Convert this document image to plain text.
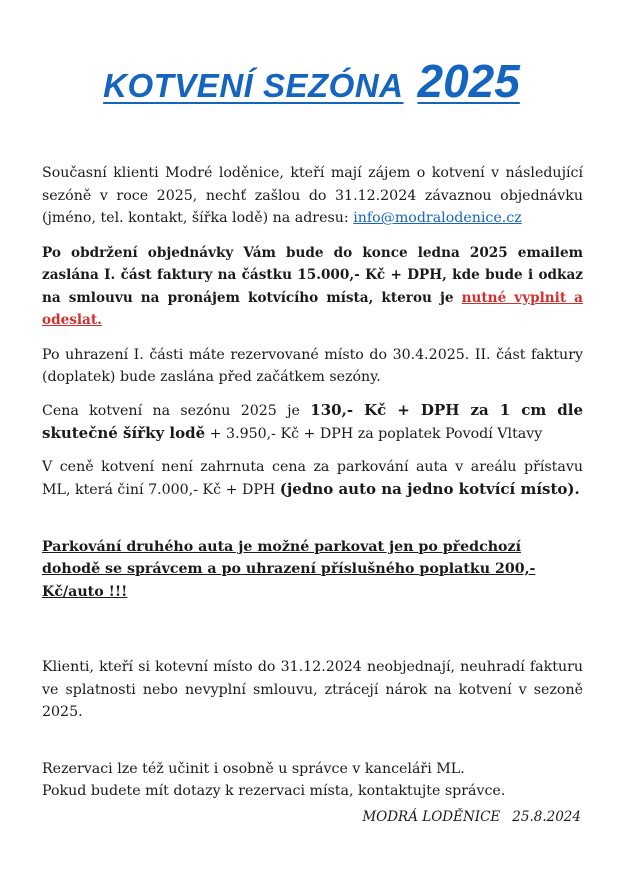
KOTVENÍ SEZÓNA 2025

Současní klienti Modré loděnice, kteří mají zájem o kotvení v následující sezóně v roce 2025, nechť zašlou do 31.12.2024 závaznou objednávku (jméno, tel. kontakt, šířka lodě) na adresu: info@modralodenice.cz

Po obdržení objednávky Vám bude do konce ledna 2025 emailem zaslána I. část faktury na částku 15.000,- Kč + DPH, kde bude i odkaz na smlouvu na pronájem kotvícího místa, kterou je nutné vyplnit a odeslat.

Po uhrazení I. části máte rezervované místo do 30.4.2025. II. část faktury (doplatek) bude zaslána před začátkem sezóny.

Cena kotvení na sezónu 2025 je 130,- Kč + DPH za 1 cm dle skutečné šířky lodě + 3.950,- Kč + DPH za poplatek Povodí Vltavy

V ceně kotvení není zahrnuta cena za parkování auta v areálu přístavu ML, která činí 7.000,- Kč + DPH (jedno auto na jedno kotvící místo).

Parkování druhého auta je možné parkovat jen po předchozí dohodě se správcem a po uhrazení příslušného poplatku 200,- Kč/auto !!!

Klienti, kteří si kotevní místo do 31.12.2024 neobjednají, neuhradí fakturu ve splatnosti nebo nevyplní smlouvu, ztrácejí nárok na kotvení v sezoně 2025.

Rezervaci lze též učinit i osobně u správce v kanceláři ML.
Pokud budete mít dotazy k rezervaci místa, kontaktujte správce.

MODRÁ LODĚNICE 25.8.2024
